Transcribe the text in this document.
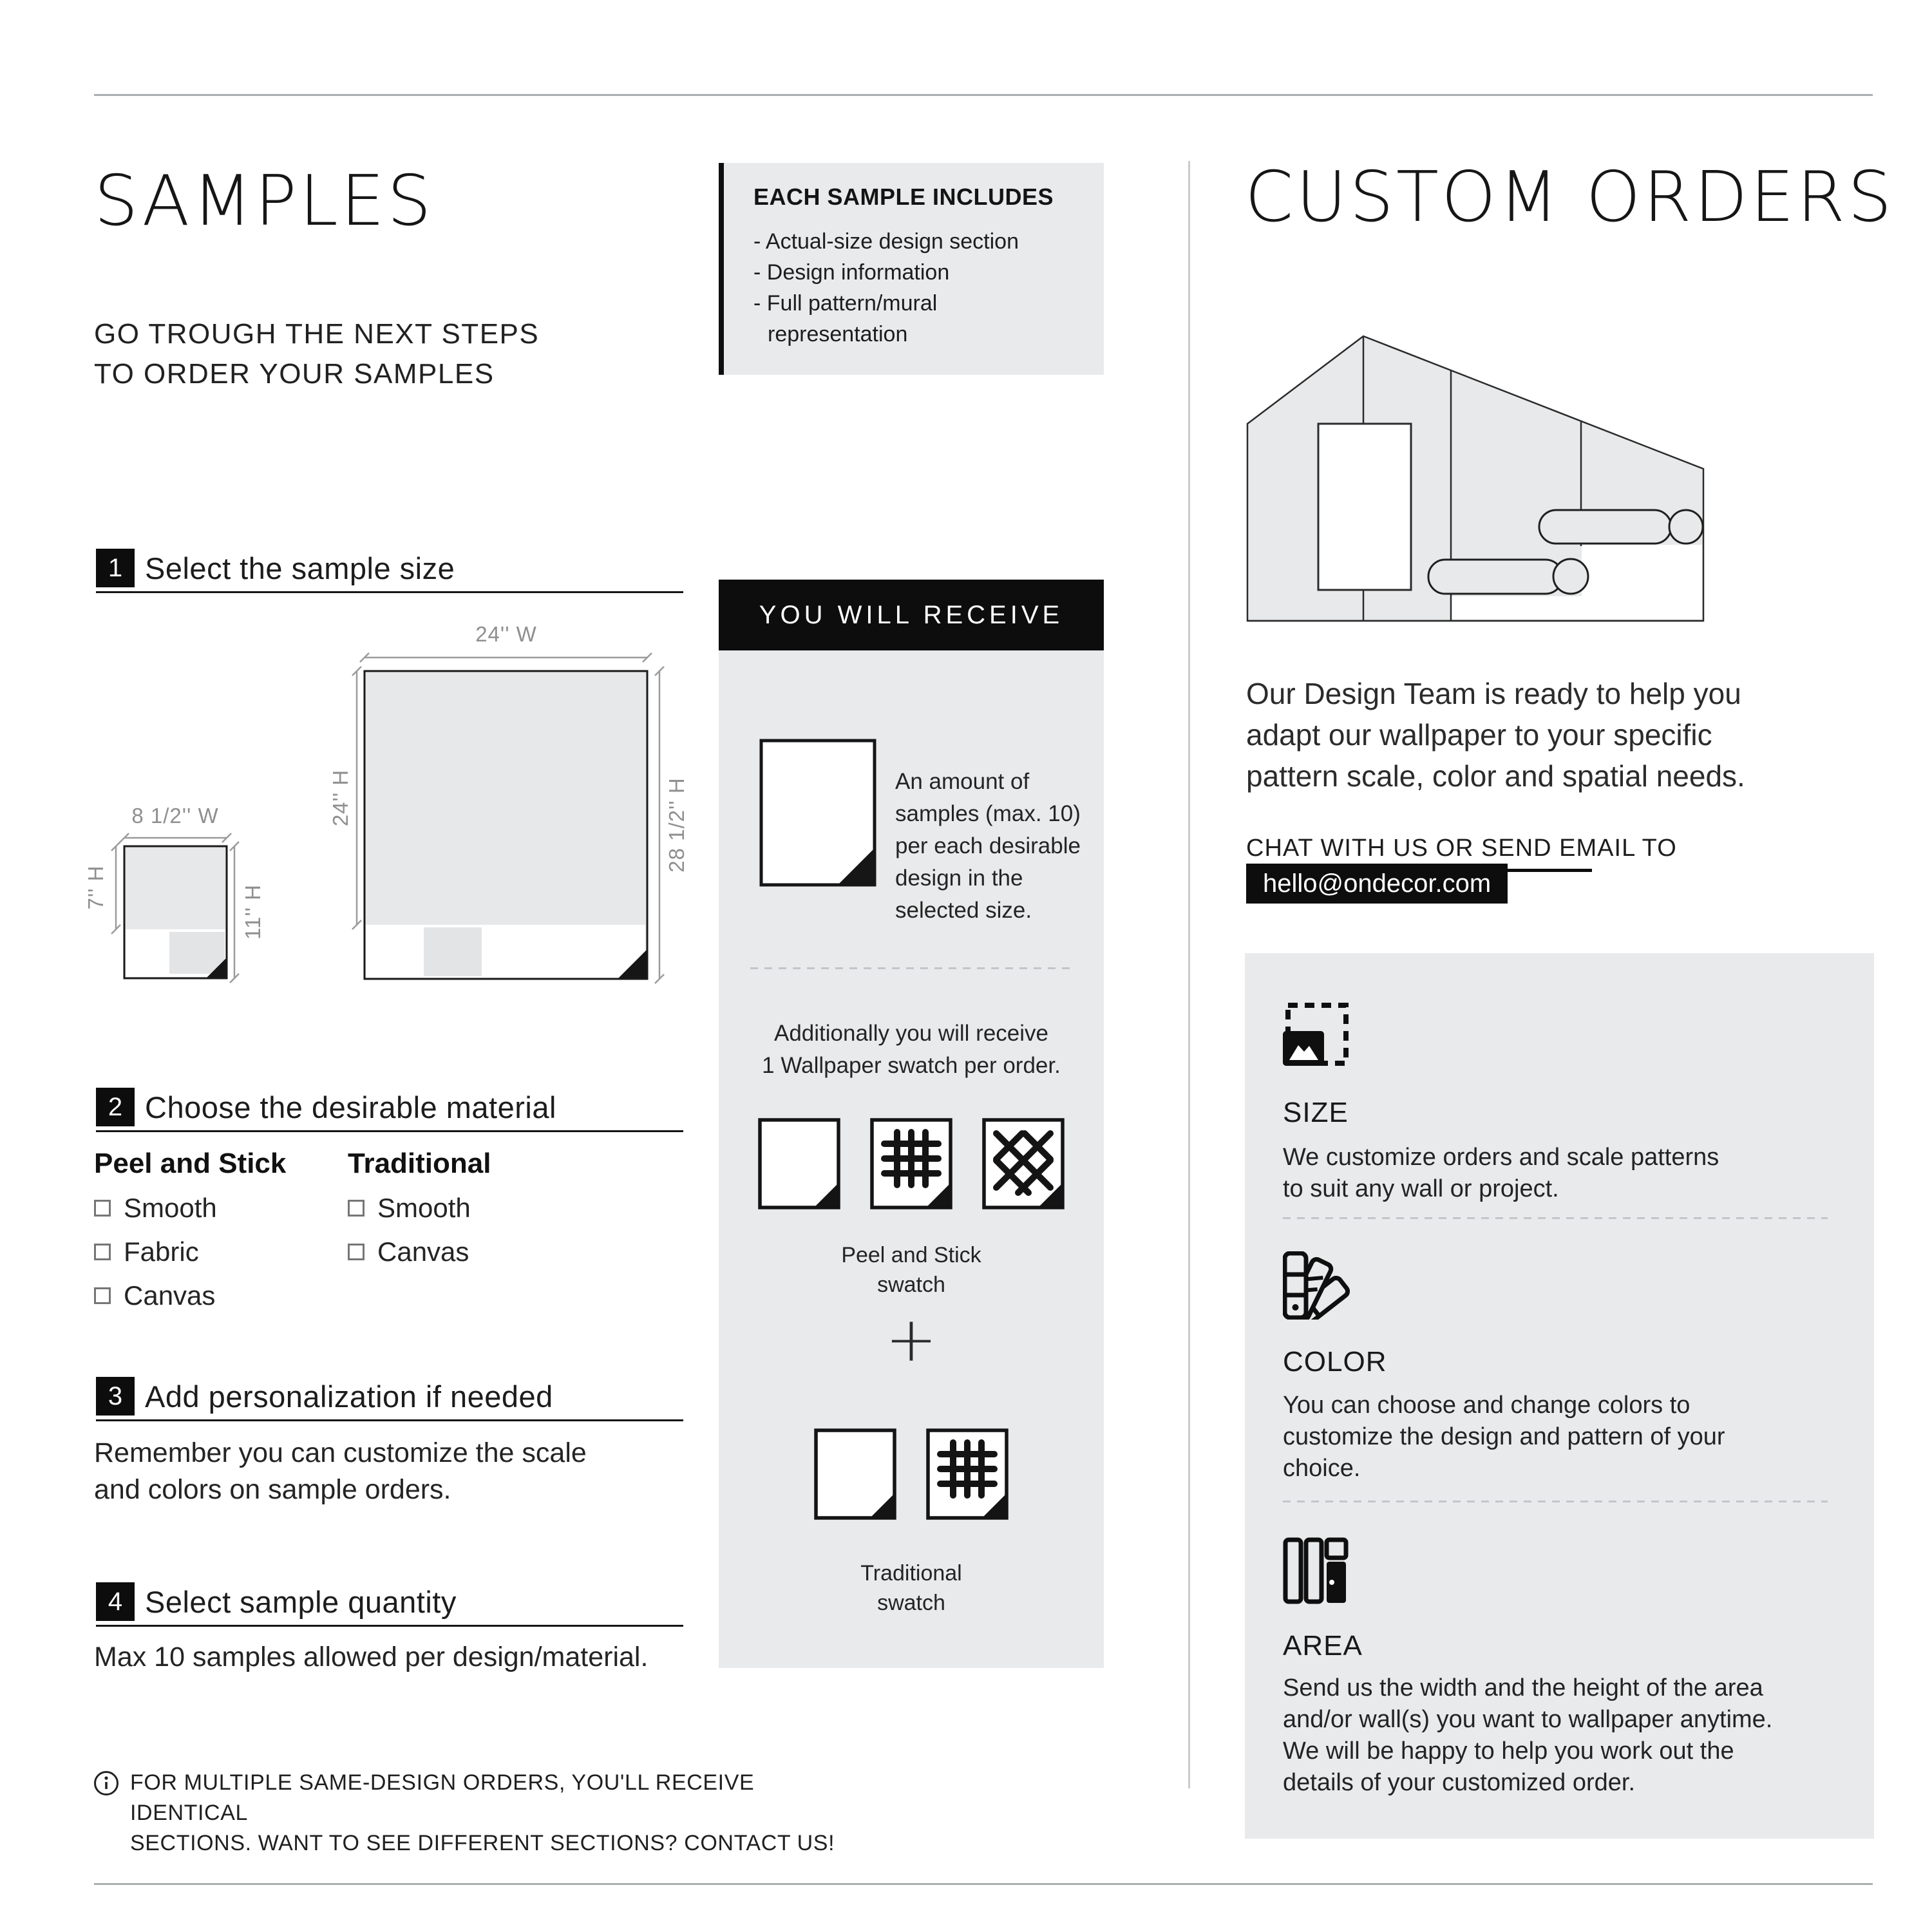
SAMPLES
GO TROUGH THE NEXT STEPS
TO ORDER YOUR SAMPLES
1 Select the sample size
24'' W
24'' H	28 1/2'' H
8 1/2'' W
7'' H	11'' H
2 Choose the desirable material
Peel and Stick
Smooth
Fabric
Canvas
Traditional
Smooth
Canvas
3 Add personalization if needed
Remember you can customize the scale
and colors on sample orders.
4 Select sample quantity
Max 10 samples allowed per design/material.
FOR MULTIPLE SAME-DESIGN ORDERS, YOU'LL RECEIVE IDENTICAL
SECTIONS. WANT TO SEE DIFFERENT SECTIONS? CONTACT US!
EACH SAMPLE INCLUDES
- Actual-size design section
- Design information
- Full pattern/mural
representation
YOU WILL RECEIVE
An amount of
samples (max. 10)
per each desirable
design in the
selected size.
Additionally you will receive
1 Wallpaper swatch per order.
Peel and Stick
swatch
+
Traditional
swatch
CUSTOM ORDERS
Our Design Team is ready to help you
adapt our wallpaper to your specific
pattern scale, color and spatial needs.
CHAT WITH US OR SEND EMAIL TO
hello@ondecor.com
SIZE
We customize orders and scale patterns
to suit any wall or project.
COLOR
You can choose and change colors to
customize the design and pattern of your
choice.
AREA
Send us the width and the height of the area
and/or wall(s) you want to wallpaper anytime.
We will be happy to help you work out the
details of your customized order.
